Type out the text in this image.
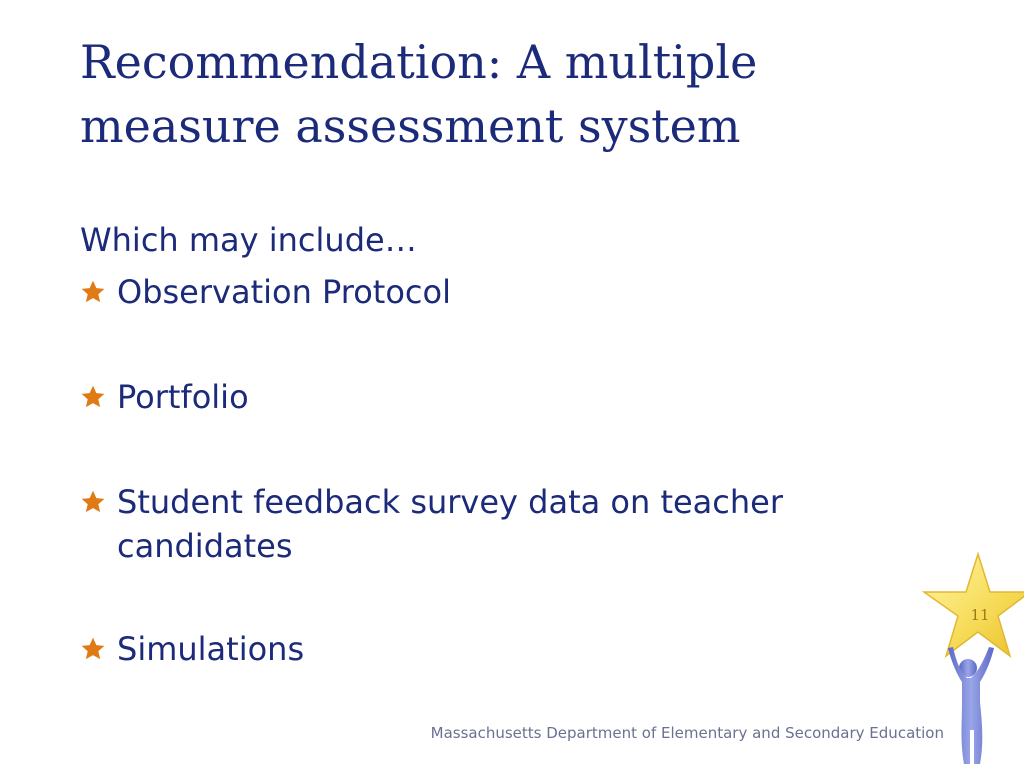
Recommendation: A multiple measure assessment system

Which may include…

Observation Protocol
Portfolio
Student feedback survey data on teacher candidates
Simulations
Massachusetts Department of Elementary and Secondary Education
11
